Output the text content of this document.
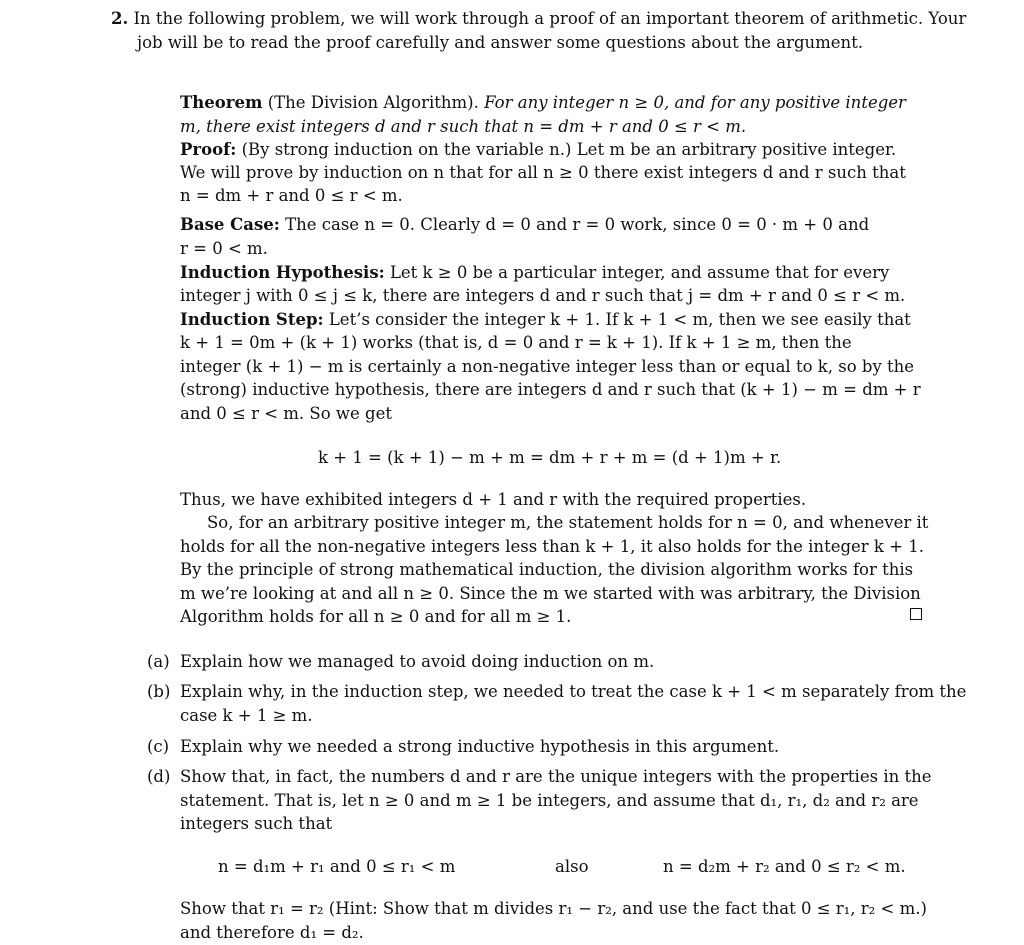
2. In the following problem, we will work through a proof of an important theorem of arithmetic. Your
job will be to read the proof carefully and answer some questions about the argument.
Theorem (The Division Algorithm). For any integer n ≥ 0, and for any positive integer
m, there exist integers d and r such that n = dm + r and 0 ≤ r < m.
Proof: (By strong induction on the variable n.) Let m be an arbitrary positive integer.
We will prove by induction on n that for all n ≥ 0 there exist integers d and r such that
n = dm + r and 0 ≤ r < m.
Base Case: The case n = 0. Clearly d = 0 and r = 0 work, since 0 = 0 · m + 0 and
r = 0 < m.
Induction Hypothesis: Let k ≥ 0 be a particular integer, and assume that for every
integer j with 0 ≤ j ≤ k, there are integers d and r such that j = dm + r and 0 ≤ r < m.
Induction Step: Let’s consider the integer k + 1. If k + 1 < m, then we see easily that
k + 1 = 0m + (k + 1) works (that is, d = 0 and r = k + 1). If k + 1 ≥ m, then the
integer (k + 1) − m is certainly a non-negative integer less than or equal to k, so by the
(strong) inductive hypothesis, there are integers d and r such that (k + 1) − m = dm + r
and 0 ≤ r < m. So we get
k + 1 = (k + 1) − m + m = dm + r + m = (d + 1)m + r.
Thus, we have exhibited integers d + 1 and r with the required properties.
So, for an arbitrary positive integer m, the statement holds for n = 0, and whenever it
holds for all the non-negative integers less than k + 1, it also holds for the integer k + 1.
By the principle of strong mathematical induction, the division algorithm works for this
m we’re looking at and all n ≥ 0. Since the m we started with was arbitrary, the Division
Algorithm holds for all n ≥ 0 and for all m ≥ 1.
(a) Explain how we managed to avoid doing induction on m.
(b) Explain why, in the induction step, we needed to treat the case k + 1 < m separately from the
case k + 1 ≥ m.
(c) Explain why we needed a strong inductive hypothesis in this argument.
(d) Show that, in fact, the numbers d and r are the unique integers with the properties in the
statement. That is, let n ≥ 0 and m ≥ 1 be integers, and assume that d₁, r₁, d₂ and r₂ are
integers such that
n = d₁m + r₁ and 0 ≤ r₁ < m	also	n = d₂m + r₂ and 0 ≤ r₂ < m.
Show that r₁ = r₂ (Hint: Show that m divides r₁ − r₂, and use the fact that 0 ≤ r₁, r₂ < m.)
and therefore d₁ = d₂.
